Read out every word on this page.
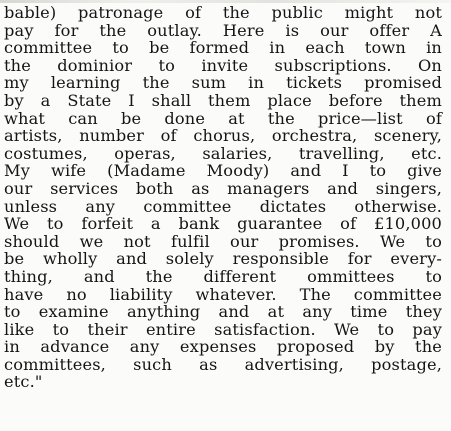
bable) patronage of the public might not
pay for the outlay. Here is our offer A
committee to be formed in each town in
the dominior to invite subscriptions. On
my learning the sum in tickets promised
by a State I shall them place before them
what can be done at the price—list of
artists, number of chorus, orchestra, scenery,
costumes, operas, salaries, travelling, etc.
My wife (Madame Moody) and I to give
our services both as managers and singers,
unless any committee dictates otherwise.
We to forfeit a bank guarantee of £10,000
should we not fulfil our promises. We to
be wholly and solely responsible for every-
thing, and the different ommittees to
have no liability whatever. The committee
to examine anything and at any time they
like to their entire satisfaction. We to pay
in advance any expenses proposed by the
committees, such as advertising, postage,
etc."
